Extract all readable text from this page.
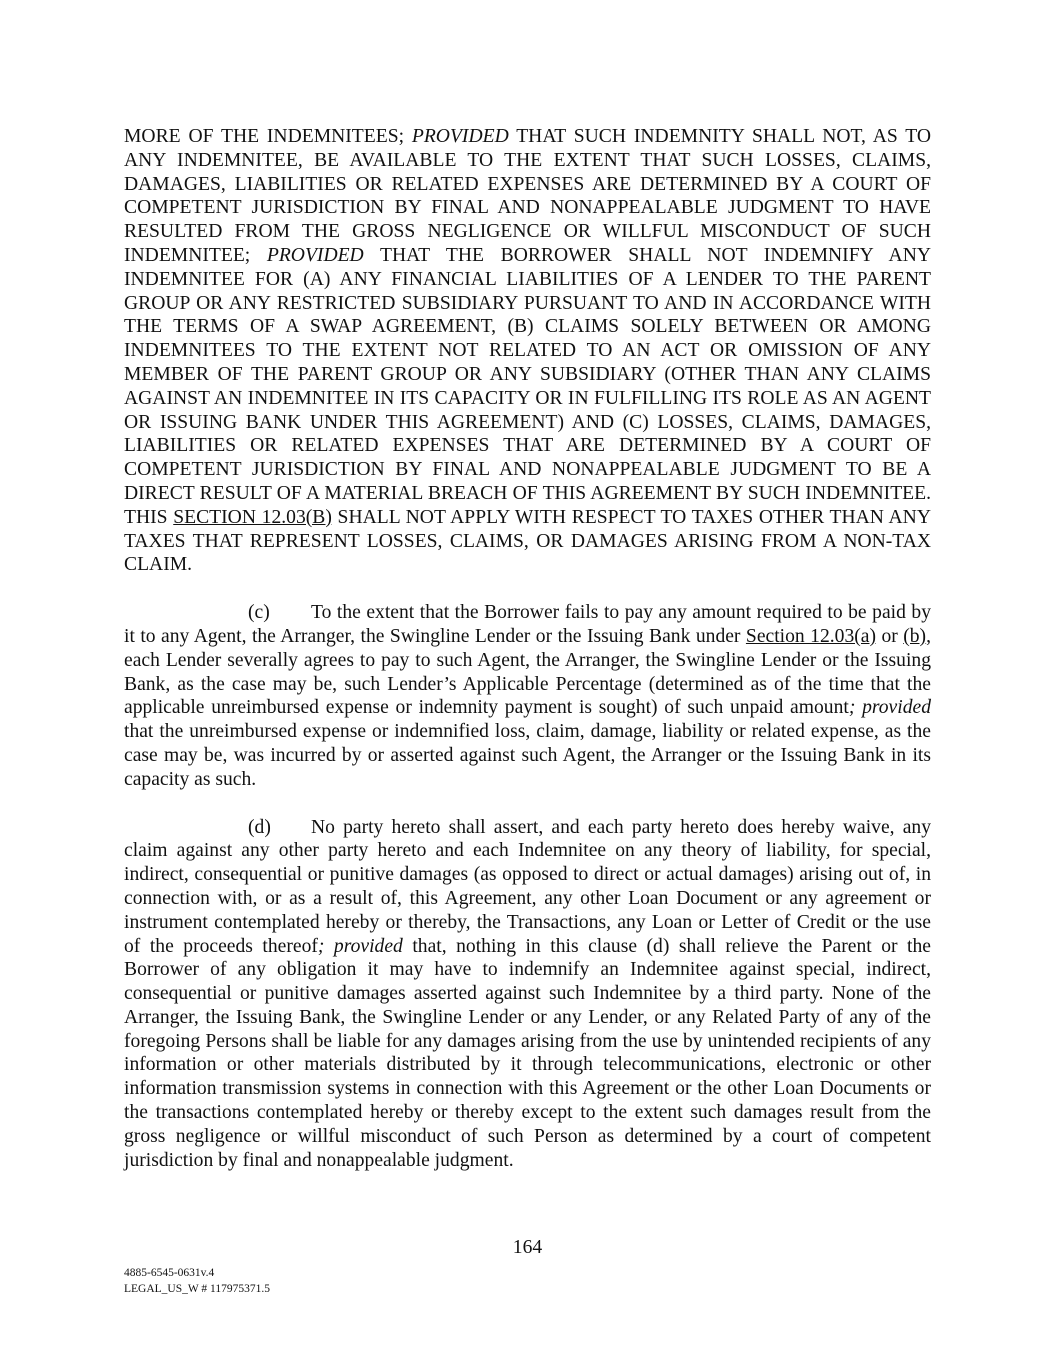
MORE OF THE INDEMNITEES; PROVIDED THAT SUCH INDEMNITY SHALL NOT, AS TO ANY INDEMNITEE, BE AVAILABLE TO THE EXTENT THAT SUCH LOSSES, CLAIMS, DAMAGES, LIABILITIES OR RELATED EXPENSES ARE DETERMINED BY A COURT OF COMPETENT JURISDICTION BY FINAL AND NONAPPEALABLE JUDGMENT TO HAVE RESULTED FROM THE GROSS NEGLIGENCE OR WILLFUL MISCONDUCT OF SUCH INDEMNITEE; PROVIDED THAT THE BORROWER SHALL NOT INDEMNIFY ANY INDEMNITEE FOR (A) ANY FINANCIAL LIABILITIES OF A LENDER TO THE PARENT GROUP OR ANY RESTRICTED SUBSIDIARY PURSUANT TO AND IN ACCORDANCE WITH THE TERMS OF A SWAP AGREEMENT, (B) CLAIMS SOLELY BETWEEN OR AMONG INDEMNITEES TO THE EXTENT NOT RELATED TO AN ACT OR OMISSION OF ANY MEMBER OF THE PARENT GROUP OR ANY SUBSIDIARY (OTHER THAN ANY CLAIMS AGAINST AN INDEMNITEE IN ITS CAPACITY OR IN FULFILLING ITS ROLE AS AN AGENT OR ISSUING BANK UNDER THIS AGREEMENT) AND (C) LOSSES, CLAIMS, DAMAGES, LIABILITIES OR RELATED EXPENSES THAT ARE DETERMINED BY A COURT OF COMPETENT JURISDICTION BY FINAL AND NONAPPEALABLE JUDGMENT TO BE A DIRECT RESULT OF A MATERIAL BREACH OF THIS AGREEMENT BY SUCH INDEMNITEE. THIS SECTION 12.03(B) SHALL NOT APPLY WITH RESPECT TO TAXES OTHER THAN ANY TAXES THAT REPRESENT LOSSES, CLAIMS, OR DAMAGES ARISING FROM A NON-TAX CLAIM.

(c) To the extent that the Borrower fails to pay any amount required to be paid by it to any Agent, the Arranger, the Swingline Lender or the Issuing Bank under Section 12.03(a) or (b), each Lender severally agrees to pay to such Agent, the Arranger, the Swingline Lender or the Issuing Bank, as the case may be, such Lender’s Applicable Percentage (determined as of the time that the applicable unreimbursed expense or indemnity payment is sought) of such unpaid amount; provided that the unreimbursed expense or indemnified loss, claim, damage, liability or related expense, as the case may be, was incurred by or asserted against such Agent, the Arranger or the Issuing Bank in its capacity as such.

(d) No party hereto shall assert, and each party hereto does hereby waive, any claim against any other party hereto and each Indemnitee on any theory of liability, for special, indirect, consequential or punitive damages (as opposed to direct or actual damages) arising out of, in connection with, or as a result of, this Agreement, any other Loan Document or any agreement or instrument contemplated hereby or thereby, the Transactions, any Loan or Letter of Credit or the use of the proceeds thereof; provided that, nothing in this clause (d) shall relieve the Parent or the Borrower of any obligation it may have to indemnify an Indemnitee against special, indirect, consequential or punitive damages asserted against such Indemnitee by a third party. None of the Arranger, the Issuing Bank, the Swingline Lender or any Lender, or any Related Party of any of the foregoing Persons shall be liable for any damages arising from the use by unintended recipients of any information or other materials distributed by it through telecommunications, electronic or other information transmission systems in connection with this Agreement or the other Loan Documents or the transactions contemplated hereby or thereby except to the extent such damages result from the gross negligence or willful misconduct of such Person as determined by a court of competent jurisdiction by final and nonappealable judgment.

164
4885-6545-0631v.4
LEGAL_US_W # 117975371.5
